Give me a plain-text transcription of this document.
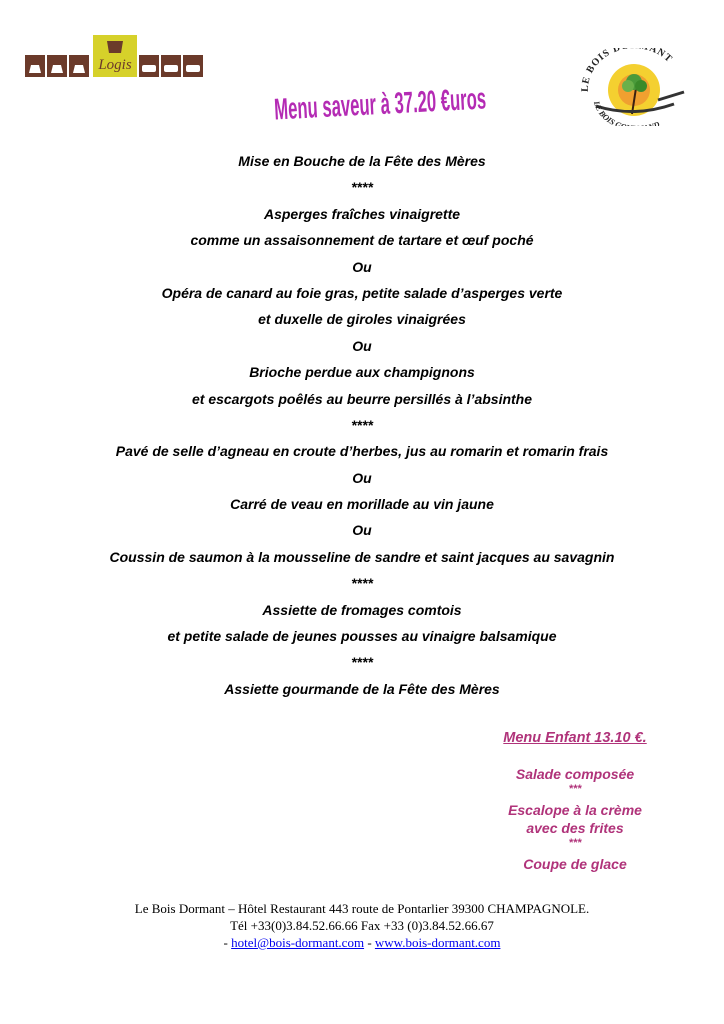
Logis
Menu saveur à	LE BOIS D ANT
LE BOIS G D
Mise en Bouche de la Fête des Mères
****
Asperges fraîches vinaigrette
comme un assaisonnement de tartare et œuf poché
Ou
Opéra de canard au foie gras, petite salade d’asperges verte
et duxelle de giroles vinaigrées
Ou
Brioche perdue aux champignons
et escargots poêlés au beurre persillés à l’absinthe
****
Pavé de selle d’agneau en croute d’herbes, jus au romarin et romarin frais
Ou
Carré de veau en morillade au vin jaune
Ou
Coussin de saumon à la mousseline de sandre et saint jacques au savagnin
****
Assiette de fromages comtois
et petite salade de jeunes pousses au vinaigre balsamique
****
Assiette gourmande de la Fête des Mères
Menu Enfant 13.10 €.
Salade composée
***
Escalope à la crème
avec des frites
***
Coupe de glace
Le Bois Dormant – Hôtel Restaurant 443 route de Pontarlier 39300 CHAMPAGNOLE.
Tél +33(0)3.84.52.66.66 Fax +33 (0)3.84.52.66.67
- hotel@bois-dormant.com - www.bois-dormant.com
